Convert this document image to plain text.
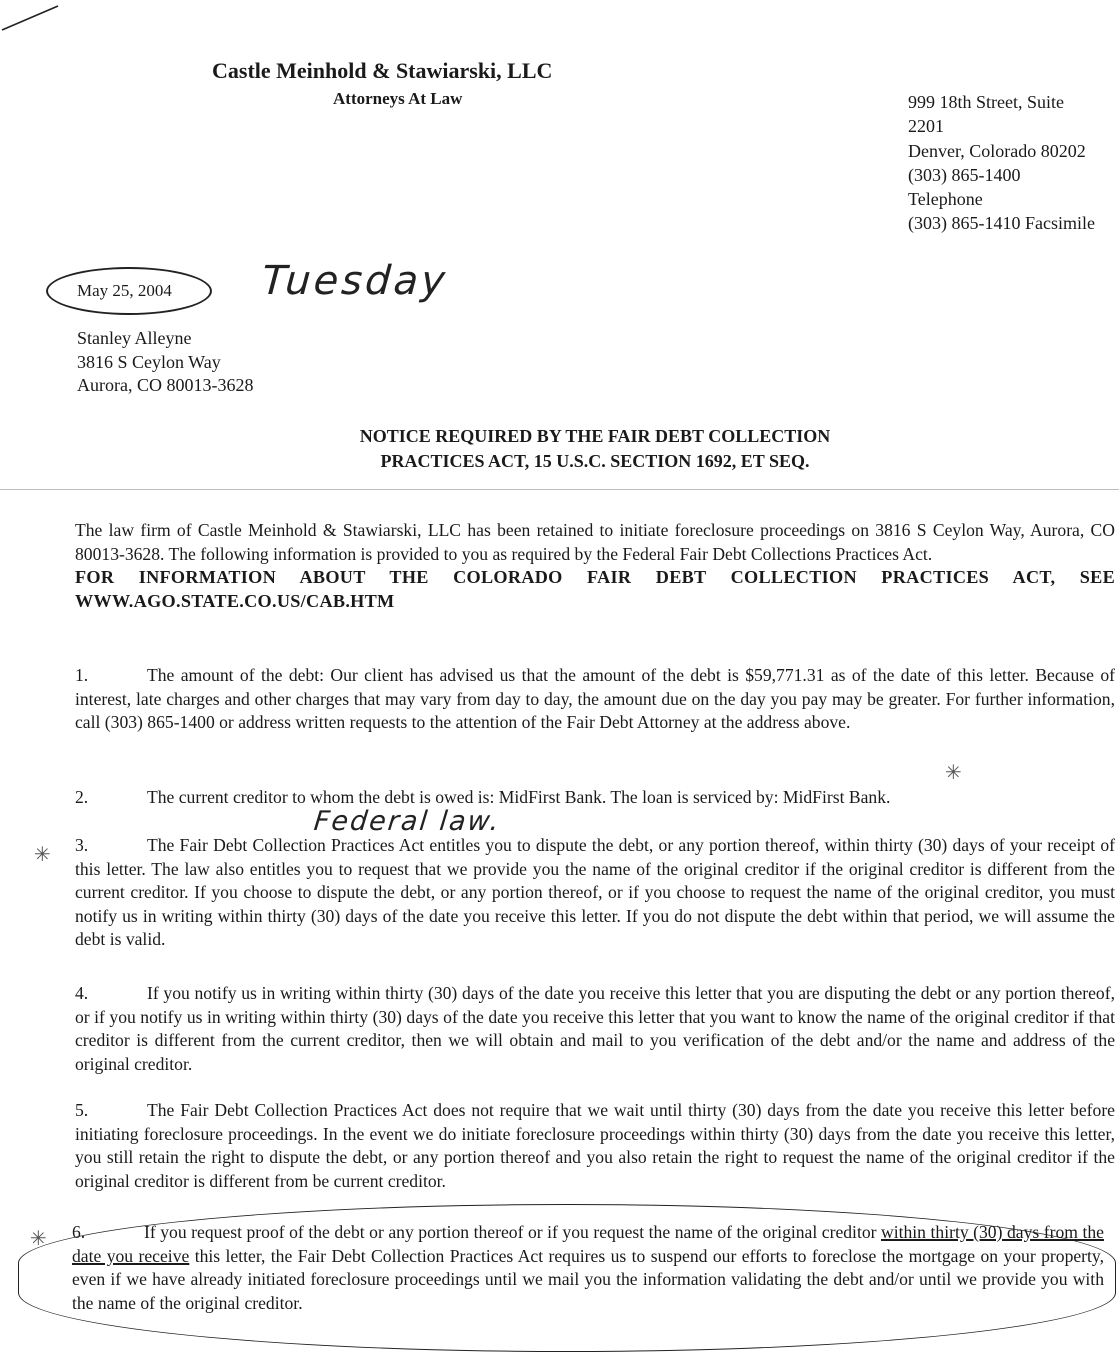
Castle Meinhold & Stawiarski, LLC
Attorneys At Law	999 18th Street, Suite
2201
Denver, Colorado 80202
(303) 865-1400
Telephone
(303) 865-1410 Facsimile
May 25, 2004 Tuesday
Stanley Alleyne
3816 S Ceylon Way
Aurora, CO 80013-3628
NOTICE REQUIRED BY THE FAIR DEBT COLLECTION
PRACTICES ACT, 15 U.S.C. SECTION 1692, ET SEQ.
The law firm of Castle Meinhold & Stawiarski, LLC has been retained to initiate foreclosure proceedings on 3816 S Ceylon Way, Aurora, CO 80013-3628. The following information is provided to you as required by the Federal Fair Debt Collections Practices Act.
FOR INFORMATION ABOUT THE COLORADO FAIR DEBT COLLECTION PRACTICES ACT, SEE WWW.AGO.STATE.CO.US/CAB.HTM
1.	The amount of the debt: Our client has advised us that the amount of the debt is $59,771.31 as of the date of this letter. Because of interest, late charges and other charges that may vary from day to day, the amount due on the day you pay may be greater. For further information, call (303) 865-1400 or address written requests to the attention of the Fair Debt Attorney at the address above.
2.	The current creditor to whom the debt is owed is: MidFirst Bank. The loan is serviced by: MidFirst Bank.
Federal law.
✳
✳
✳
3.	The Fair Debt Collection Practices Act entitles you to dispute the debt, or any portion thereof, within thirty (30) days of your receipt of this letter. The law also entitles you to request that we provide you the name of the original creditor if the original creditor is different from the current creditor. If you choose to dispute the debt, or any portion thereof, or if you choose to request the name of the original creditor, you must notify us in writing within thirty (30) days of the date you receive this letter. If you do not dispute the debt within that period, we will assume the debt is valid.
4.	If you notify us in writing within thirty (30) days of the date you receive this letter that you are disputing the debt or any portion thereof, or if you notify us in writing within thirty (30) days of the date you receive this letter that you want to know the name of the original creditor if that creditor is different from the current creditor, then we will obtain and mail to you verification of the debt and/or the name and address of the original creditor.
5.	The Fair Debt Collection Practices Act does not require that we wait until thirty (30) days from the date you receive this letter before initiating foreclosure proceedings. In the event we do initiate foreclosure proceedings within thirty (30) days from the date you receive this letter, you still retain the right to dispute the debt, or any portion thereof and you also retain the right to request the name of the original creditor if the original creditor is different from be current creditor.
6.	If you request proof of the debt or any portion thereof or if you request the name of the original creditor within thirty (30) days from the date you receive this letter, the Fair Debt Collection Practices Act requires us to suspend our efforts to foreclose the mortgage on your property, even if we have already initiated foreclosure proceedings until we mail you the information validating the debt and/or until we provide you with the name of the original creditor.
